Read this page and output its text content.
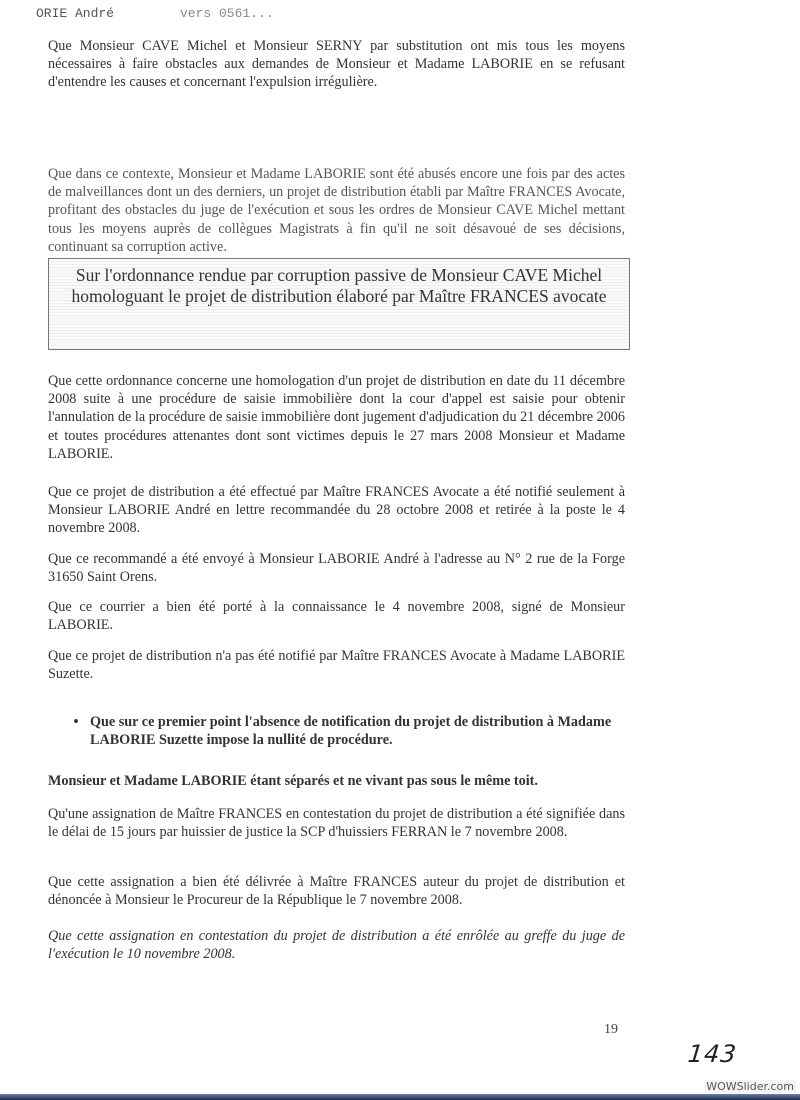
ORIE André	vers 0561...

Que Monsieur CAVE Michel et Monsieur SERNY par substitution ont mis tous les moyens nécessaires à faire obstacles aux demandes de Monsieur et Madame LABORIE en se refusant d'entendre les causes et concernant l'expulsion irrégulière.

Que dans ce contexte, Monsieur et Madame LABORIE sont été abusés encore une fois par des actes de malveillances dont un des derniers, un projet de distribution établi par Maître FRANCES Avocate, profitant des obstacles du juge de l'exécution et sous les ordres de Monsieur CAVE Michel mettant tous les moyens auprès de collègues Magistrats à fin qu'il ne soit désavoué de ses décisions, continuant sa corruption active.

Sur l'ordonnance rendue par corruption passive de Monsieur CAVE Michel homologuant le projet de distribution élaboré par Maître FRANCES avocate

Que cette ordonnance concerne une homologation d'un projet de distribution en date du 11 décembre 2008 suite à une procédure de saisie immobilière dont la cour d'appel est saisie pour obtenir l'annulation de la procédure de saisie immobilière dont jugement d'adjudication du 21 décembre 2006 et toutes procédures attenantes dont sont victimes depuis le 27 mars 2008 Monsieur et Madame LABORIE.

Que ce projet de distribution a été effectué par Maître FRANCES Avocate a été notifié seulement à Monsieur LABORIE André en lettre recommandée du 28 octobre 2008 et retirée à la poste le 4 novembre 2008.

Que ce recommandé a été envoyé à Monsieur LABORIE André à l'adresse au N° 2 rue de la Forge 31650 Saint Orens.

Que ce courrier a bien été porté à la connaissance le 4 novembre 2008, signé de Monsieur LABORIE.

Que ce projet de distribution n'a pas été notifié par Maître FRANCES Avocate à Madame LABORIE Suzette.

• Que sur ce premier point l'absence de notification du projet de distribution à Madame LABORIE Suzette impose la nullité de procédure.

Monsieur et Madame LABORIE étant séparés et ne vivant pas sous le même toit.

Qu'une assignation de Maître FRANCES en contestation du projet de distribution a été signifiée dans le délai de 15 jours par huissier de justice la SCP d'huissiers FERRAN le 7 novembre 2008.

Que cette assignation a bien été délivrée à Maître FRANCES auteur du projet de distribution et dénoncée à Monsieur le Procureur de la République le 7 novembre 2008.

Que cette assignation en contestation du projet de distribution a été enrôlée au greffe du juge de l'exécution le 10 novembre 2008.

19
143
WOWSlider.com
